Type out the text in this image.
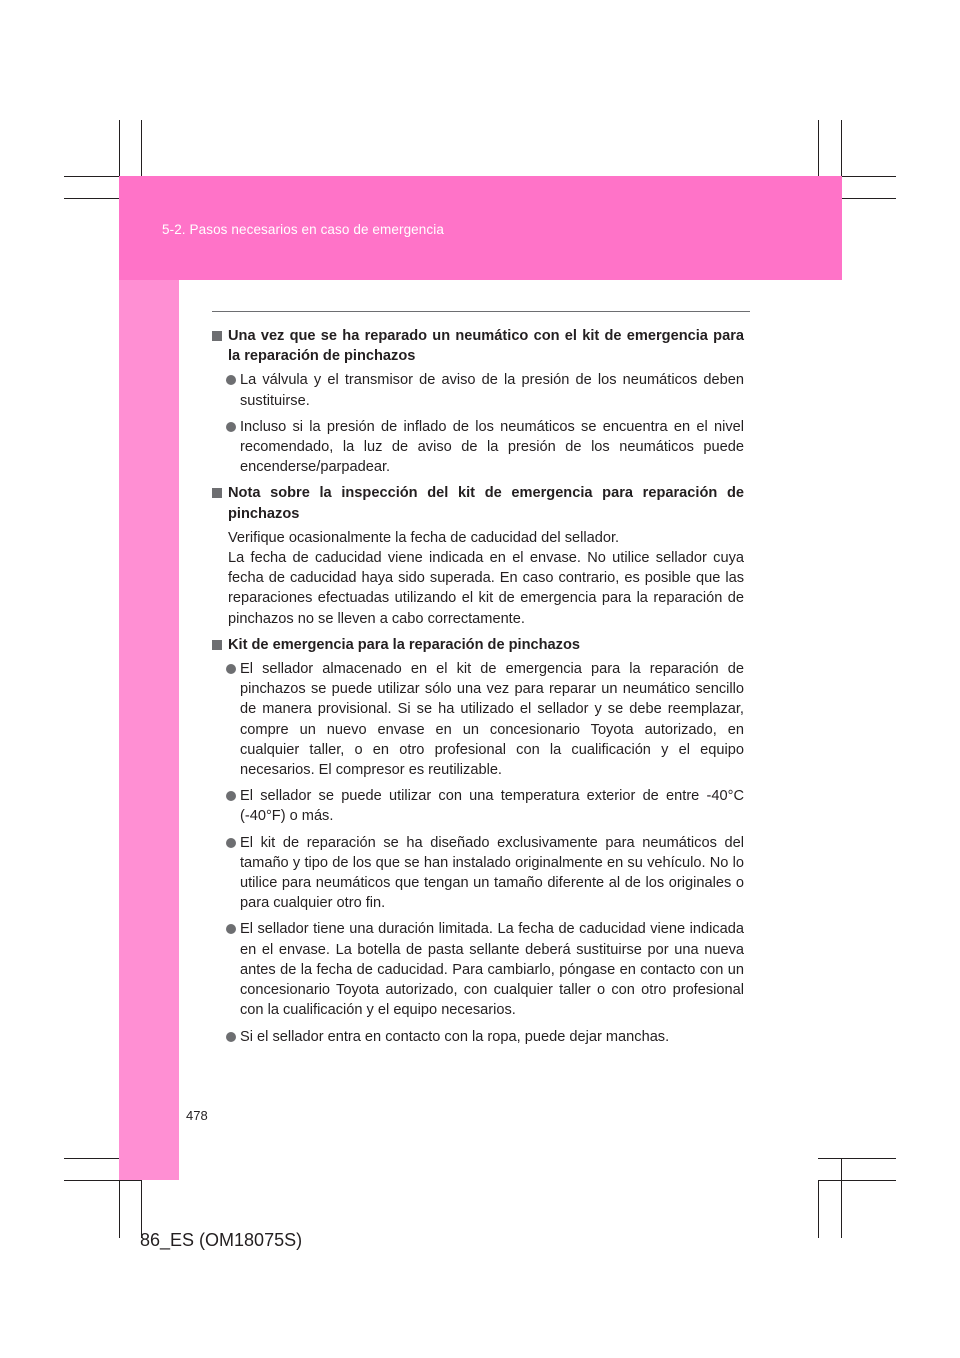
5-2. Pasos necesarios en caso de emergencia
Una vez que se ha reparado un neumático con el kit de emergencia para la reparación de pinchazos
La válvula y el transmisor de aviso de la presión de los neumáticos deben sustituirse.
Incluso si la presión de inflado de los neumáticos se encuentra en el nivel recomendado, la luz de aviso de la presión de los neumáticos puede encenderse/parpadear.
Nota sobre la inspección del kit de emergencia para reparación de pinchazos
Verifique ocasionalmente la fecha de caducidad del sellador.
La fecha de caducidad viene indicada en el envase. No utilice sellador cuya fecha de caducidad haya sido superada. En caso contrario, es posible que las reparaciones efectuadas utilizando el kit de emergencia para la reparación de pinchazos no se lleven a cabo correctamente.
Kit de emergencia para la reparación de pinchazos
El sellador almacenado en el kit de emergencia para la reparación de pinchazos se puede utilizar sólo una vez para reparar un neumático sencillo de manera provisional. Si se ha utilizado el sellador y se debe reemplazar, compre un nuevo envase en un concesionario Toyota autorizado, en cualquier taller, o en otro profesional con la cualificación y el equipo necesarios. El compresor es reutilizable.
El sellador se puede utilizar con una temperatura exterior de entre -40°C (-40°F) o más.
El kit de reparación se ha diseñado exclusivamente para neumáticos del tamaño y tipo de los que se han instalado originalmente en su vehículo. No lo utilice para neumáticos que tengan un tamaño diferente al de los originales o para cualquier otro fin.
El sellador tiene una duración limitada. La fecha de caducidad viene indicada en el envase. La botella de pasta sellante deberá sustituirse por una nueva antes de la fecha de caducidad. Para cambiarlo, póngase en contacto con un concesionario Toyota autorizado, con cualquier taller o con otro profesional con la cualificación y el equipo necesarios.
Si el sellador entra en contacto con la ropa, puede dejar manchas.
478
86_ES (OM18075S)
